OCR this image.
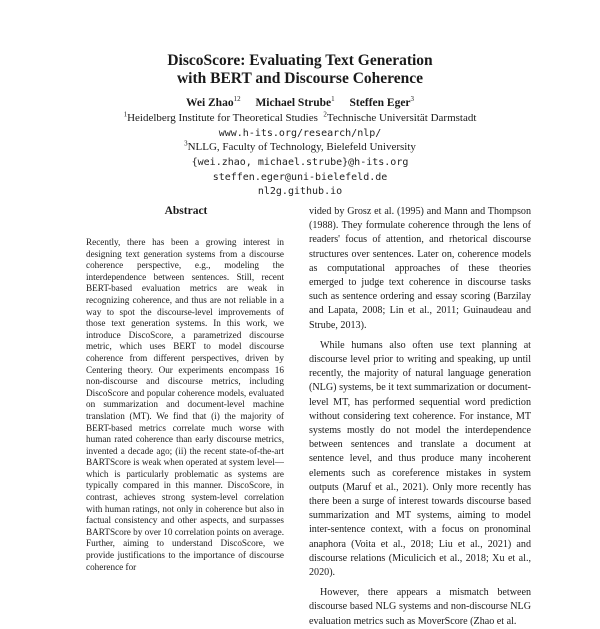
DiscoScore: Evaluating Text Generation
with BERT and Discourse Coherence
Wei Zhao$^{12}$ Michael Strube$^1$ Steffen Eger$^3$
$^1$Heidelberg Institute for Theoretical Studies $^2$Technische Universität Darmstadt
www.h-its.org/research/nlp/
$^3$NLLG, Faculty of Technology, Bielefeld University
{wei.zhao, michael.strube}@h-its.org
steffen.eger@uni-bielefeld.de
nl2g.github.io
Abstract
Recently, there has been a growing interest in designing text generation systems from a discourse coherence perspective, e.g., modeling the interdependence between sentences. Still, recent BERT-based evaluation metrics are weak in recognizing coherence, and thus are not reliable in a way to spot the discourse-level improvements of those text generation systems. In this work, we introduce DiscoScore, a parametrized discourse metric, which uses BERT to model discourse coherence from different perspectives, driven by Centering theory. Our experiments encompass 16 non-discourse and discourse metrics, including DiscoScore and popular coherence models, evaluated on summarization and document-level machine translation (MT). We find that (i) the majority of BERT-based metrics correlate much worse with human rated coherence than early discourse metrics, invented a decade ago; (ii) the recent state-of-the-art BARTScore is weak when operated at system level—which is particularly problematic as systems are typically compared in this manner. DiscoScore, in contrast, achieves strong system-level correlation with human ratings, not only in coherence but also in factual consistency and other aspects, and surpasses BARTScore by over 10 correlation points on average. Further, aiming to understand DiscoScore, we provide justifications to the importance of discourse coherence for

vided by Grosz et al. (1995) and Mann and Thompson (1988). They formulate coherence through the lens of readers' focus of attention, and rhetorical discourse structures over sentences. Later on, coherence models as computational approaches of these theories emerged to judge text coherence in discourse tasks such as sentence ordering and essay scoring (Barzilay and Lapata, 2008; Lin et al., 2011; Guinaudeau and Strube, 2013).

While humans also often use text planning at discourse level prior to writing and speaking, up until recently, the majority of natural language generation (NLG) systems, be it text summarization or document-level MT, has performed sequential word prediction without considering text coherence. For instance, MT systems mostly do not model the interdependence between sentences and translate a document at sentence level, and thus produce many incoherent elements such as coreference mistakes in system outputs (Maruf et al., 2021). Only more recently has there been a surge of interest towards discourse based summarization and MT systems, aiming to model inter-sentence context, with a focus on pronominal anaphora (Voita et al., 2018; Liu et al., 2021) and discourse relations (Miculicich et al., 2018; Xu et al., 2020).

However, there appears a mismatch between discourse based NLG systems and non-discourse NLG evaluation metrics such as MoverScore (Zhao et al.
